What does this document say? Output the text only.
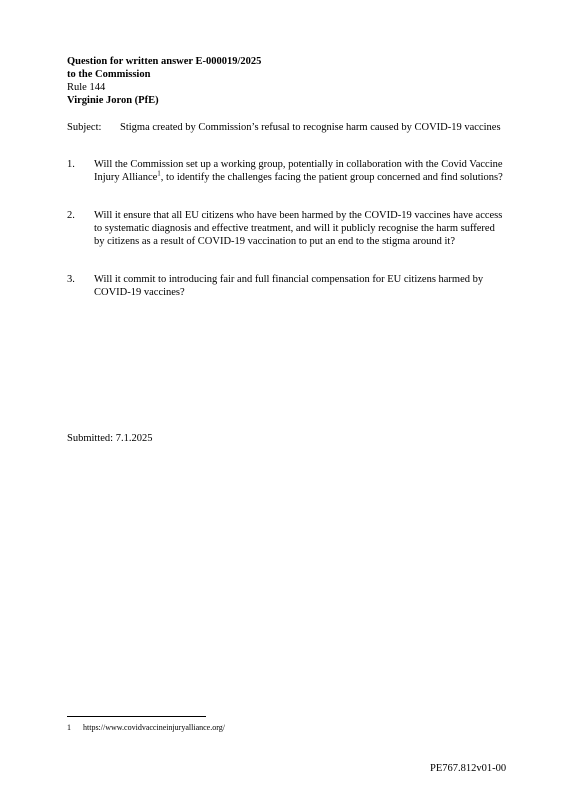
Question for written answer E-000019/2025
to the Commission
Rule 144
Virginie Joron (PfE)
Subject: Stigma created by Commission’s refusal to recognise harm caused by COVID-19 vaccines
1. Will the Commission set up a working group, potentially in collaboration with the Covid Vaccine Injury Alliance$^1$, to identify the challenges facing the patient group concerned and find solutions?
2. Will it ensure that all EU citizens who have been harmed by the COVID-19 vaccines have access to systematic diagnosis and effective treatment, and will it publicly recognise the harm suffered by citizens as a result of COVID-19 vaccination to put an end to the stigma around it?
3. Will it commit to introducing fair and full financial compensation for EU citizens harmed by COVID-19 vaccines?
Submitted: 7.1.2025
1 https://www.covidvaccineinjuryalliance.org/
PE767.812v01-00
